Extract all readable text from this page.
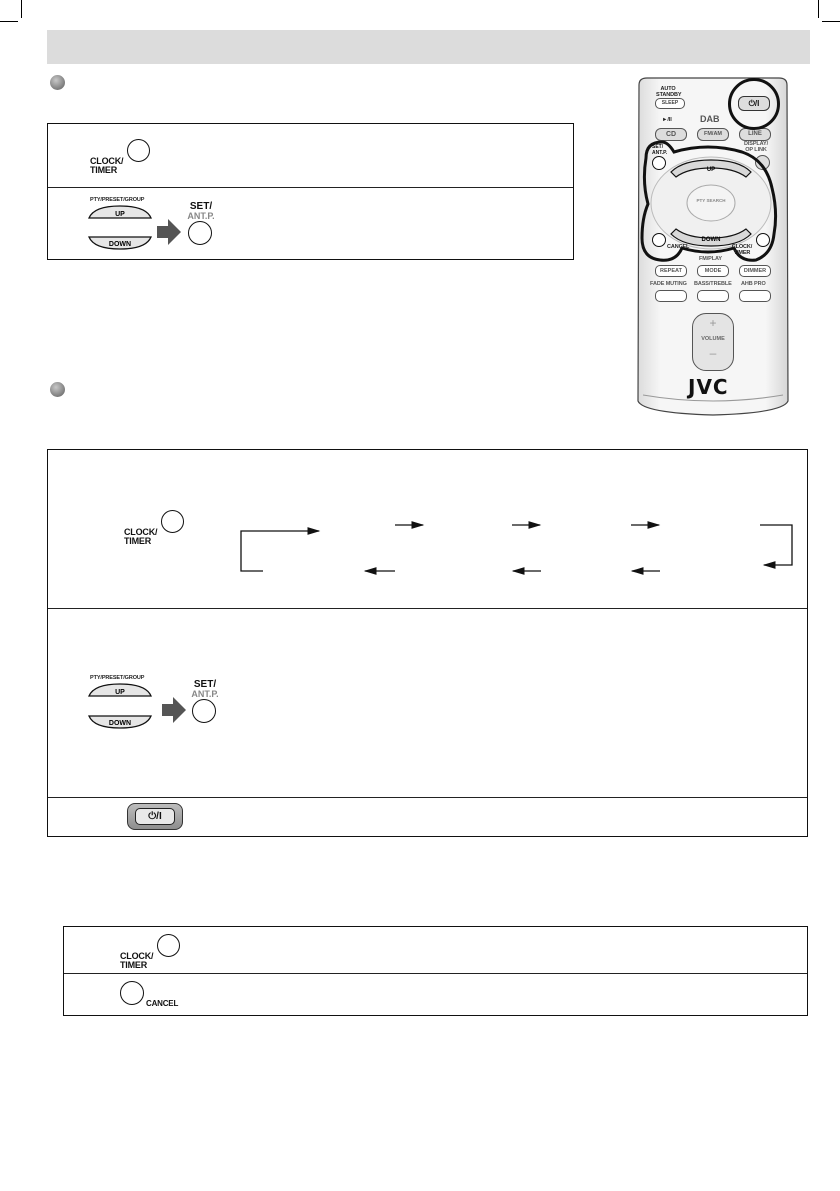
CLOCK/
TIMER
PTY/PRESET/GROUP
UP
DOWN
SET/
ANT.P.
AUTO STANDBY
SLEEP
►/II	DAB
CD	FM/AM	LINE
⏻/I
SET/ ANT.P.
DISPLAY/ OP LINK
UP
DOWN
PTY SEARCH
CANCEL	CLOCK/ TIMER
FM/PLAY
REPEAT	MODE	DIMMER
FADE MUTING BASS/TREBLE AHB PRO
+
VOLUME
–
JVC
CLOCK/
TIMER
PTY/PRESET/GROUP
UP
DOWN
SET/
ANT.P.
⏻/I
CLOCK/
TIMER
CANCEL
